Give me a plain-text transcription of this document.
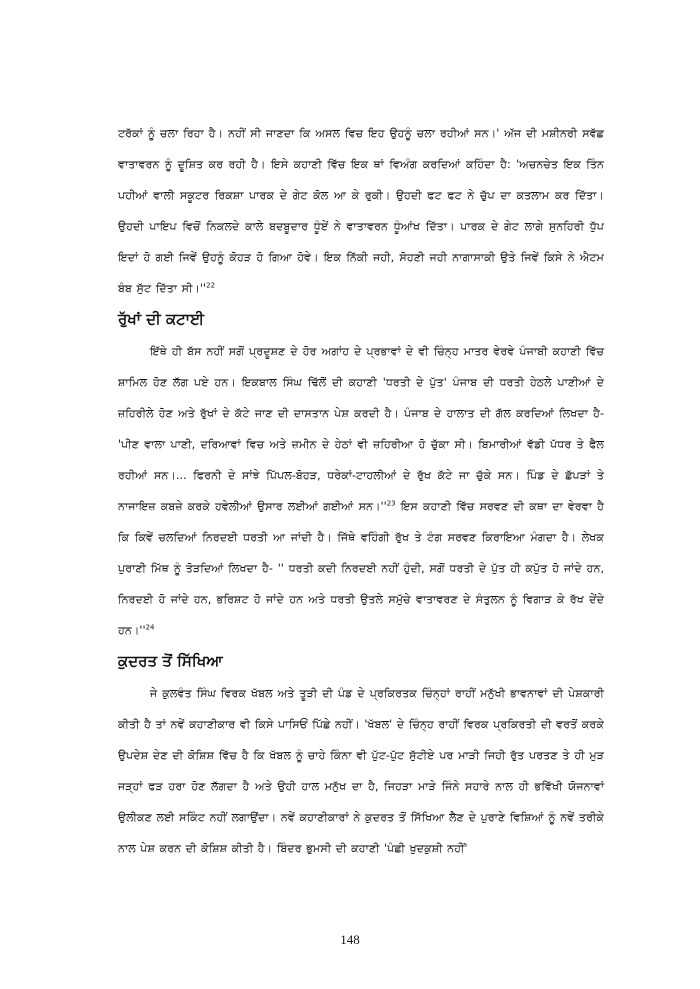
ਟਰੱਕਾਂ ਨੂੰ ਚਲਾ ਰਿਹਾ ਹੈ। ਨਹੀਂ ਸੀ ਜਾਣਦਾ ਕਿ ਅਸਲ ਵਿਚ ਇਹ ਉਹਨੂੰ ਚਲਾ ਰਹੀਆਂ ਸਨ।' ਅੱਜ ਦੀ ਮਸ਼ੀਨਰੀ ਸਵੱਛ ਵਾਤਾਵਰਨ ਨੂੰ ਦੂਸ਼ਿਤ ਕਰ ਰਹੀ ਹੈ। ਇਸੇ ਕਹਾਣੀ ਵਿੱਚ ਇਕ ਥਾਂ ਵਿਅੰਗ ਕਰਦਿਆਂ ਕਹਿੰਦਾ ਹੈ: 'ਅਚਨਚੇਤ ਇਕ ਤਿੰਨ ਪਹੀਆਂ ਵਾਲੀ ਸਕੂਟਰ ਰਿਕਸ਼ਾ ਪਾਰਕ ਦੇ ਗੇਟ ਕੋਲ ਆ ਕੇ ਰੁਕੀ। ਉਹਦੀ ਫਟ ਫਟ ਨੇ ਚੁੱਪ ਦਾ ਕਤਲਾਮ ਕਰ ਦਿੱਤਾ। ਉਹਦੀ ਪਾਇਪ ਵਿਚੋਂ ਨਿਕਲਦੇ ਕਾਲੇ ਬਦਬੂਦਾਰ ਧੂੰਏਂ ਨੇ ਵਾਤਾਵਰਨ ਧੂੰਆਂਖ ਦਿੱਤਾ। ਪਾਰਕ ਦੇ ਗੇਟ ਲਾਗੇ ਸੁਨਹਿਰੀ ਧੁੱਪ ਇਦਾਂ ਹੋ ਗਈ ਜਿਵੇਂ ਉਹਨੂੰ ਕੋਹੜ ਹੋ ਗਿਆ ਹੋਵੇ। ਇਕ ਨਿੱਕੀ ਜਹੀ, ਸੋਹਣੀ ਜਹੀ ਨਾਗਾਸਾਕੀ ਉਤੇ ਜਿਵੇਂ ਕਿਸੇ ਨੇ ਐਟਮ ਬੰਬ ਸੁੱਟ ਦਿੱਤਾ $ਸੀ।''^{22}$

ਰੁੱਖਾਂ ਦੀ ਕਟਾਈ

ਇੱਥੇ ਹੀ ਬੱਸ ਨਹੀਂ ਸਗੋਂ ਪ੍ਰਦੂਸ਼ਣ ਦੇ ਹੋਰ ਅਗਾਂਹ ਦੇ ਪ੍ਰਭਾਵਾਂ ਦੇ ਵੀ ਚਿੰਨ੍ਹ ਮਾਤਰ ਵੇਰਵੇ ਪੰਜਾਬੀ ਕਹਾਣੀ ਵਿੱਚ ਸ਼ਾਮਿਲ ਹੋਣ ਲੱਗ ਪਏ ਹਨ। ਇਕਬਾਲ ਸਿੰਘ ਢਿੱਲੋਂ ਦੀ ਕਹਾਣੀ 'ਧਰਤੀ ਦੇ ਪੁੱਤ' ਪੰਜਾਬ ਦੀ ਧਰਤੀ ਹੇਠਲੇ ਪਾਣੀਆਂ ਦੇ ਜ਼ਹਿਰੀਲੇ ਹੋਣ ਅਤੇ ਰੁੱਖਾਂ ਦੇ ਕੱਟੇ ਜਾਣ ਦੀ ਦਾਸਤਾਨ ਪੇਸ਼ ਕਰਦੀ ਹੈ। ਪੰਜਾਬ ਦੇ ਹਾਲਾਤ ਦੀ ਗੱਲ ਕਰਦਿਆਂ ਲਿਖਦਾ ਹੈ- 'ਪੀਣ ਵਾਲਾ ਪਾਣੀ, ਦਰਿਆਵਾਂ ਵਿਚ ਅਤੇ ਜ਼ਮੀਨ ਦੇ ਹੇਠਾਂ ਵੀ ਜ਼ਹਿਰੀਆ ਹੋ ਚੁੱਕਾ ਸੀ। ਬਿਮਾਰੀਆਂ ਵੱਡੀ ਪੱਧਰ ਤੇ ਫੈਲ ਰਹੀਆਂ ਸਨ।... ਫਿਰਨੀ ਦੇ ਸਾਂਝੇ ਪਿੱਪਲ-ਬੋਹੜ, ਧਰੇਕਾਂ-ਟਾਹਲੀਆਂ ਦੇ ਰੁੱਖ ਕੱਟੇ ਜਾ ਚੁੱਕੇ ਸਨ। ਪਿੰਡ ਦੇ ਛੱਪੜਾਂ ਤੇ ਨਾਜਾਇਜ਼ ਕਬਜ਼ੇ ਕਰਕੇ ਹਵੇਲੀਆਂ ਉਸਾਰ ਲਈਆਂ ਗਈਆਂ $ਸਨ।''^{23}$ ਇਸ ਕਹਾਣੀ ਵਿੱਚ ਸਰਵਣ ਦੀ ਕਥਾ ਦਾ ਵੇਰਵਾ ਹੈ ਕਿ ਕਿਵੇਂ ਚਲਦਿਆਂ ਨਿਰਦਈ ਧਰਤੀ ਆ ਜਾਂਦੀ ਹੈ। ਜਿੱਥੇ ਵਹਿੰਗੀ ਰੁੱਖ ਤੇ ਟੰਗ ਸਰਵਣ ਕਿਰਾਇਆ ਮੰਗਦਾ ਹੈ। ਲੇਖਕ ਪੁਰਾਣੀ ਮਿੱਥ ਨੂੰ ਤੋੜਦਿਆਂ ਲਿਖਦਾ ਹੈ- '' ਧਰਤੀ ਕਦੀ ਨਿਰਦਈ ਨਹੀਂ ਹੁੰਦੀ, ਸਗੋਂ ਧਰਤੀ ਦੇ ਪੁੱਤ ਹੀ ਕਪੁੱਤ ਹੋ ਜਾਂਦੇ ਹਨ, ਨਿਰਦਈ ਹੋ ਜਾਂਦੇ ਹਨ, ਭਰਿਸ਼ਟ ਹੋ ਜਾਂਦੇ ਹਨ ਅਤੇ ਧਰਤੀ ਉਤਲੇ ਸਮੁੱਚੇ ਵਾਤਾਵਰਣ ਦੇ ਸੰਤੁਲਨ ਨੂੰ ਵਿਗਾੜ ਕੇ ਰੱਖ ਦੇਂਦੇ $ਹਨ।''^{24}$

ਕੁਦਰਤ ਤੋਂ ਸਿੱਖਿਆ

ਜੇ ਕੁਲਵੰਤ ਸਿੰਘ ਵਿਰਕ ਖੱਬਲ ਅਤੇ ਤੂੜੀ ਦੀ ਪੰਡ ਦੇ ਪ੍ਰਕਿਰਤਕ ਚਿੰਨ੍ਹਾਂ ਰਾਹੀਂ ਮਨੁੱਖੀ ਭਾਵਨਾਵਾਂ ਦੀ ਪੇਸ਼ਕਾਰੀ ਕੀਤੀ ਹੈ ਤਾਂ ਨਵੇਂ ਕਹਾਣੀਕਾਰ ਵੀ ਕਿਸੇ ਪਾਸਿਓਂ ਪਿੱਛੇ ਨਹੀਂ। 'ਖੱਬਲ' ਦੇ ਚਿੰਨ੍ਹ ਰਾਹੀਂ ਵਿਰਕ ਪ੍ਰਕਿਰਤੀ ਦੀ ਵਰਤੋਂ ਕਰਕੇ ਉਪਦੇਸ਼ ਦੇਣ ਦੀ ਕੋਸ਼ਿਸ਼ ਵਿੱਚ ਹੈ ਕਿ ਖੱਬਲ ਨੂੰ ਚਾਹੇ ਕਿੰਨਾ ਵੀ ਪੁੱਟ-ਪੁੱਟ ਸੁੱਟੀਏ ਪਰ ਮਾੜੀ ਜਿਹੀ ਰੁੱਤ ਪਰਤਣ ਤੇ ਹੀ ਮੁੜ ਜੜ੍ਹਾਂ ਫੜ ਹਰਾ ਹੋਣ ਲੱਗਦਾ ਹੈ ਅਤੇ ਉਹੀ ਹਾਲ ਮਨੁੱਖ ਦਾ ਹੈ, ਜਿਹੜਾ ਮਾੜੇ ਜਿੰਨੇ ਸਹਾਰੇ ਨਾਲ ਹੀ ਭਵਿੱਖੀ ਯੋਜਨਾਵਾਂ ਉਲੀਕਣ ਲਈ ਸਕਿੰਟ ਨਹੀਂ ਲਗਾਉਂਦਾ। ਨਵੇਂ ਕਹਾਣੀਕਾਰਾਂ ਨੇ ਕੁਦਰਤ ਤੋਂ ਸਿੱਖਿਆ ਲੈਣ ਦੇ ਪੁਰਾਣੇ ਵਿਸ਼ਿਆਂ ਨੂੰ ਨਵੇਂ ਤਰੀਕੇ ਨਾਲ ਪੇਸ਼ ਕਰਨ ਦੀ ਕੋਸ਼ਿਸ਼ ਕੀਤੀ ਹੈ। ਬਿੰਦਰ ਭੁਮਸੀ ਦੀ ਕਹਾਣੀ 'ਪੰਛੀ ਖੁਦਕੁਸ਼ੀ ਨਹੀਂ'

148
